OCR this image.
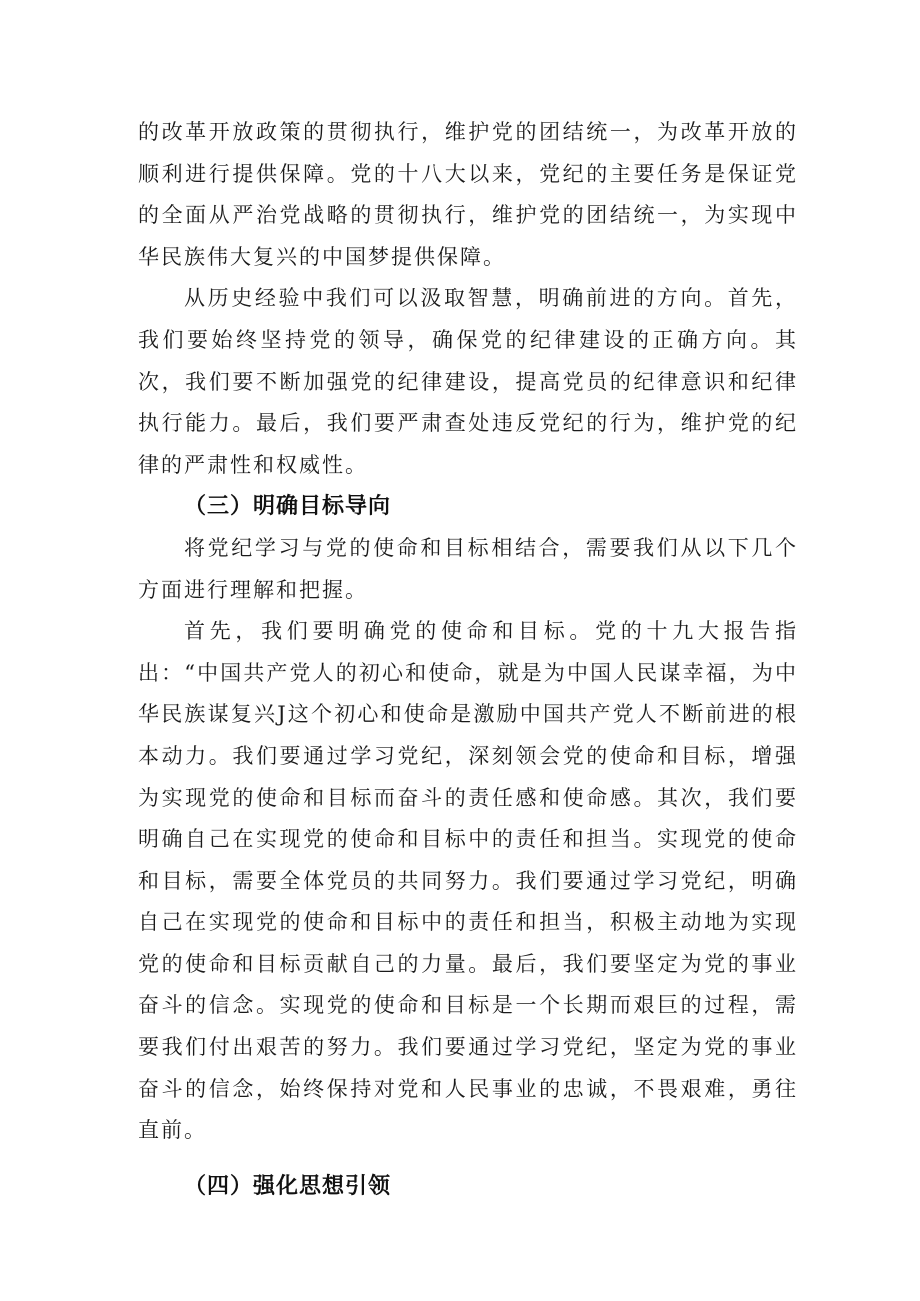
的改革开放政策的贯彻执行，维护党的团结统一，为改革开放的顺利进行提供保障。党的十八大以来，党纪的主要任务是保证党的全面从严治党战略的贯彻执行，维护党的团结统一，为实现中华民族伟大复兴的中国梦提供保障。

从历史经验中我们可以汲取智慧，明确前进的方向。首先，我们要始终坚持党的领导，确保党的纪律建设的正确方向。其次，我们要不断加强党的纪律建设，提高党员的纪律意识和纪律执行能力。最后，我们要严肃查处违反党纪的行为，维护党的纪律的严肃性和权威性。

（三）明确目标导向

将党纪学习与党的使命和目标相结合，需要我们从以下几个方面进行理解和把握。

首先，我们要明确党的使命和目标。党的十九大报告指出：“中国共产党人的初心和使命，就是为中国人民谋幸福，为中华民族谋复兴J这个初心和使命是激励中国共产党人不断前进的根本动力。我们要通过学习党纪，深刻领会党的使命和目标，增强为实现党的使命和目标而奋斗的责任感和使命感。其次，我们要明确自己在实现党的使命和目标中的责任和担当。实现党的使命和目标，需要全体党员的共同努力。我们要通过学习党纪，明确自己在实现党的使命和目标中的责任和担当，积极主动地为实现党的使命和目标贡献自己的力量。最后，我们要坚定为党的事业奋斗的信念。实现党的使命和目标是一个长期而艰巨的过程，需要我们付出艰苦的努力。我们要通过学习党纪，坚定为党的事业奋斗的信念，始终保持对党和人民事业的忠诚，不畏艰难，勇往直前。

（四）强化思想引领
